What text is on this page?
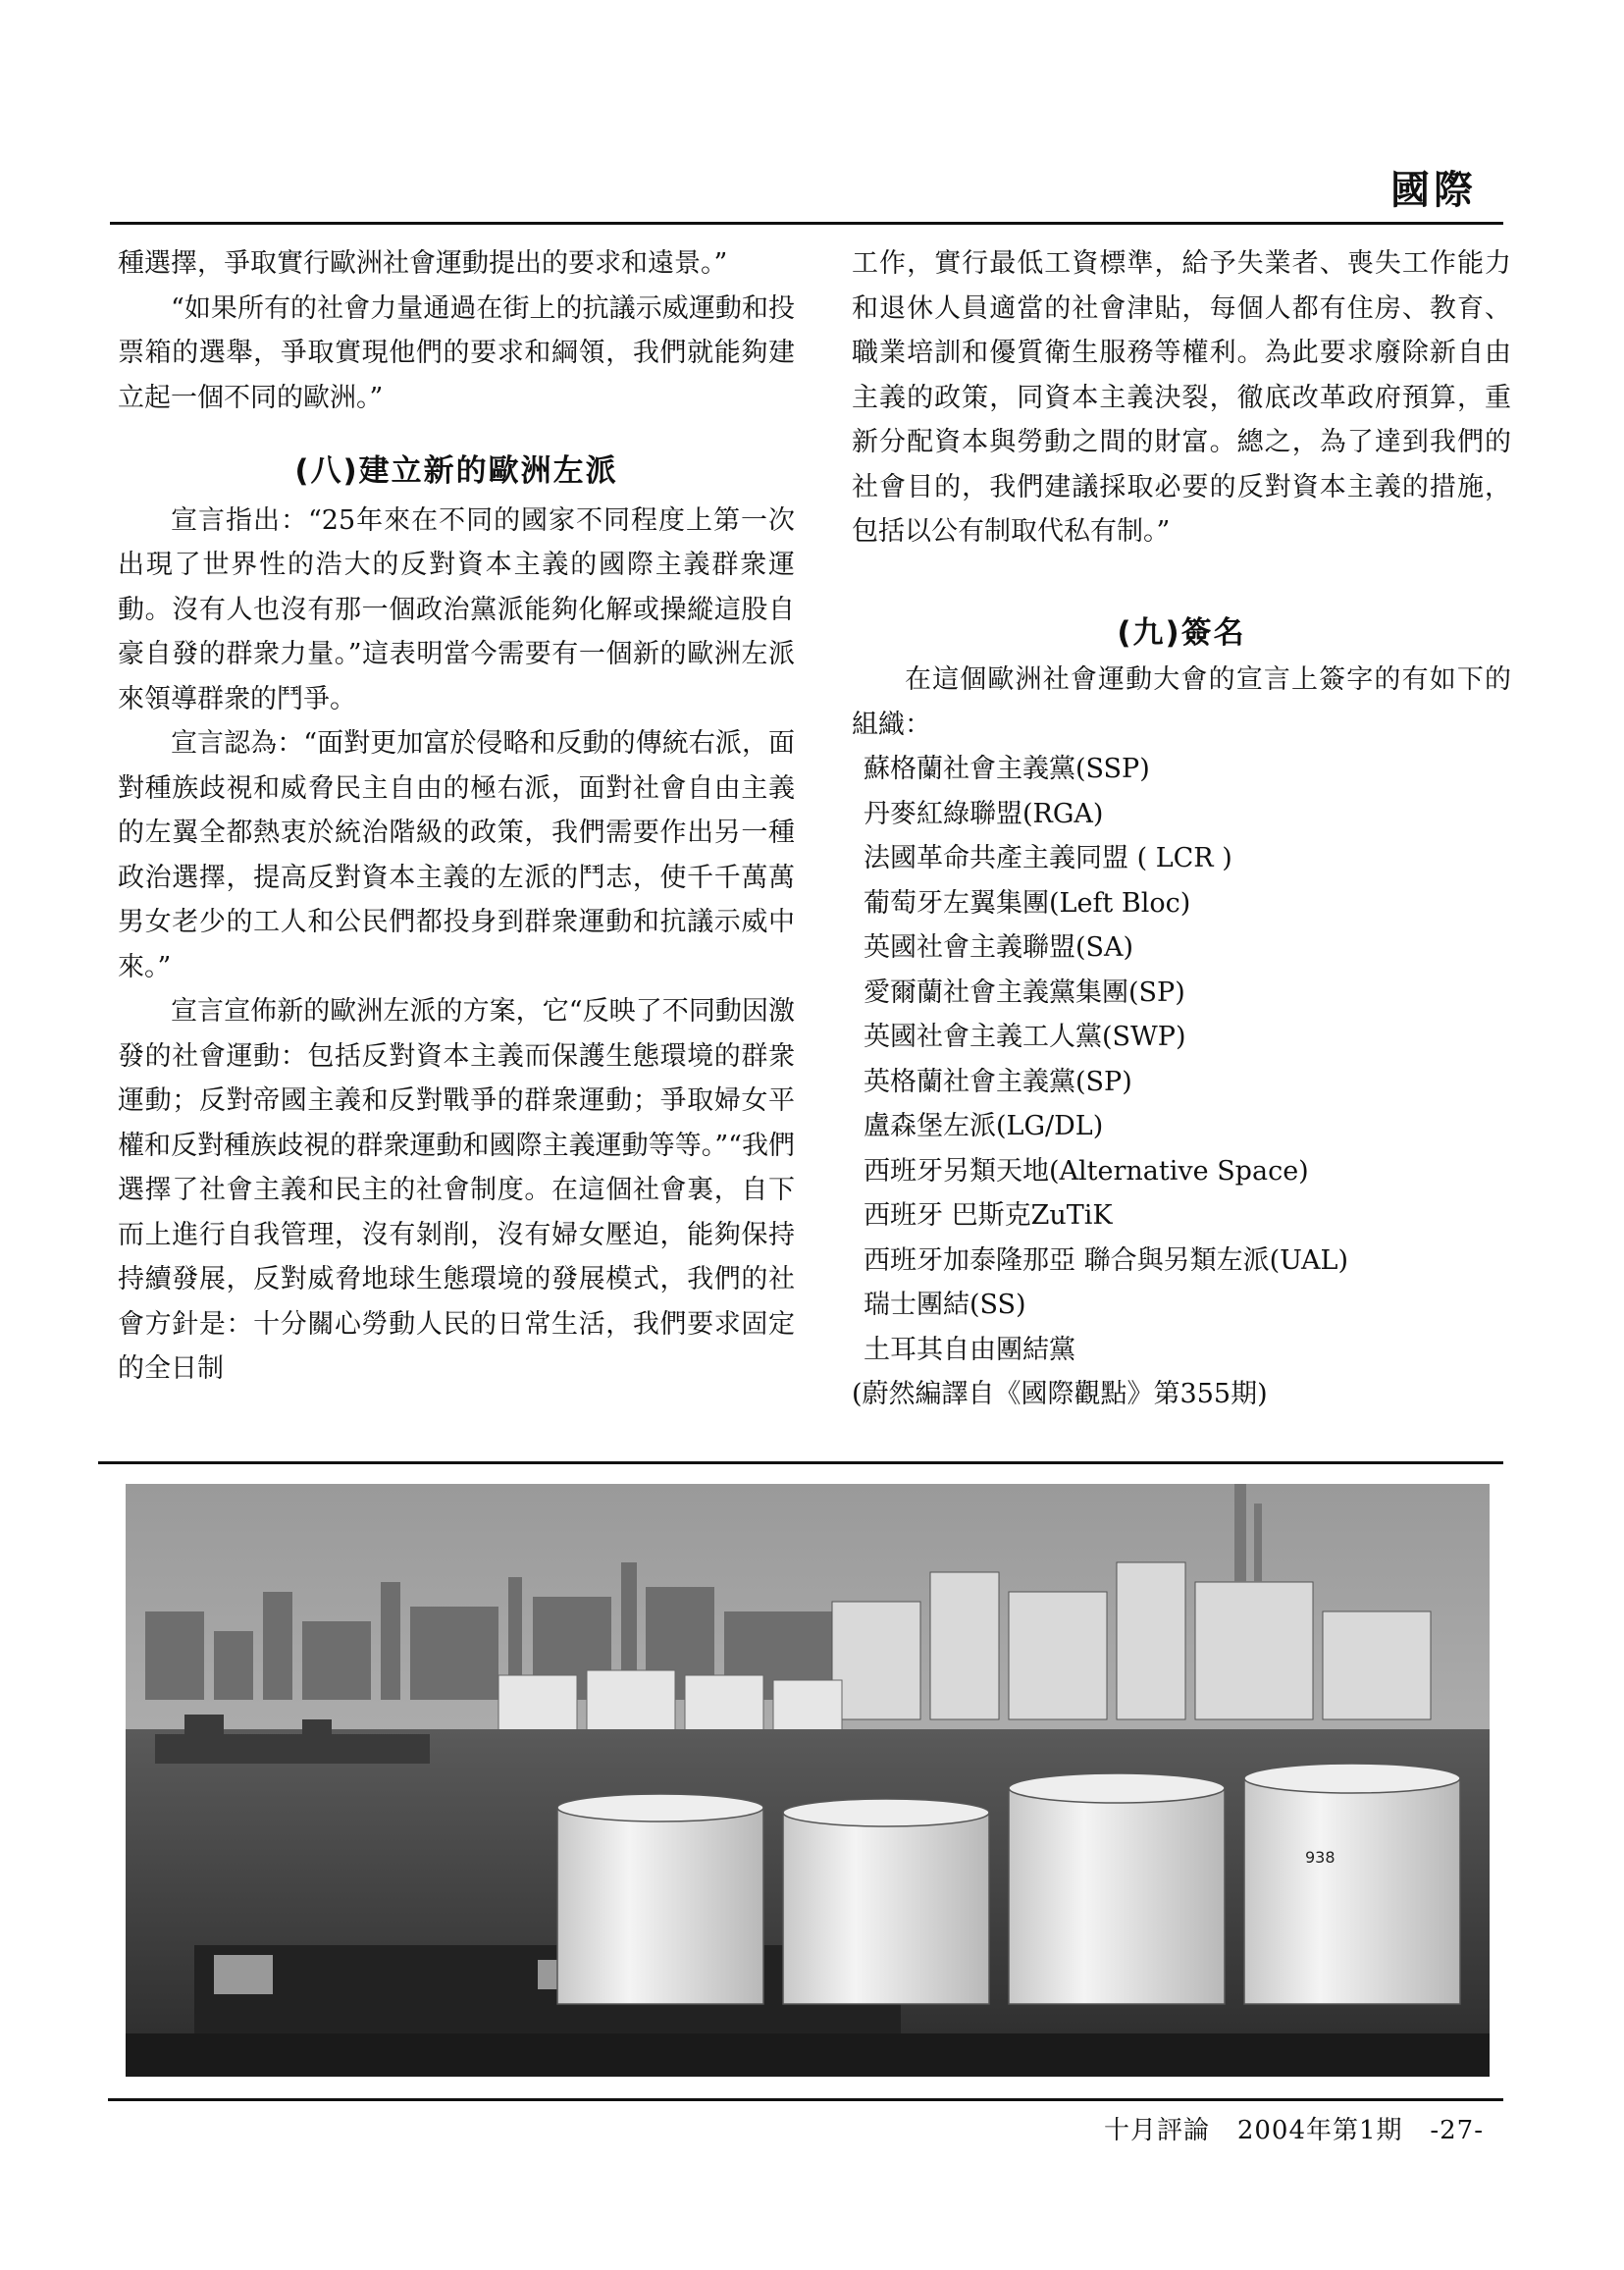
國際

種選擇，爭取實行歐洲社會運動提出的要求和遠景。”

“如果所有的社會力量通過在街上的抗議示威運動和投票箱的選舉，爭取實現他們的要求和綱領，我們就能夠建立起一個不同的歐洲。”

(八)建立新的歐洲左派

宣言指出：“25年來在不同的國家不同程度上第一次出現了世界性的浩大的反對資本主義的國際主義群衆運動。沒有人也沒有那一個政治黨派能夠化解或操縱這股自豪自發的群衆力量。”這表明當今需要有一個新的歐洲左派來領導群衆的鬥爭。

宣言認為：“面對更加富於侵略和反動的傳統右派，面對種族歧視和威脅民主自由的極右派，面對社會自由主義的左翼全都熱衷於統治階級的政策，我們需要作出另一種政治選擇，提高反對資本主義的左派的鬥志，使千千萬萬男女老少的工人和公民們都投身到群衆運動和抗議示威中來。”

宣言宣佈新的歐洲左派的方案，它“反映了不同動因激發的社會運動：包括反對資本主義而保護生態環境的群衆運動；反對帝國主義和反對戰爭的群衆運動；爭取婦女平權和反對種族歧視的群衆運動和國際主義運動等等。”“我們選擇了社會主義和民主的社會制度。在這個社會裏，自下而上進行自我管理，沒有剝削，沒有婦女壓迫，能夠保持持續發展，反對威脅地球生態環境的發展模式，我們的社會方針是：十分關心勞動人民的日常生活，我們要求固定的全日制

工作，實行最低工資標準，給予失業者、喪失工作能力和退休人員適當的社會津貼，每個人都有住房、教育、職業培訓和優質衛生服務等權利。為此要求廢除新自由主義的政策，同資本主義決裂，徹底改革政府預算，重新分配資本與勞動之間的財富。總之，為了達到我們的社會目的，我們建議採取必要的反對資本主義的措施，包括以公有制取代私有制。”

(九)簽名

在這個歐洲社會運動大會的宣言上簽字的有如下的組織：

蘇格蘭社會主義黨(SSP)
丹麥紅綠聯盟(RGA)
法國革命共產主義同盟 ( LCR )
葡萄牙左翼集團(Left Bloc)
英國社會主義聯盟(SA)
愛爾蘭社會主義黨集團(SP)
英國社會主義工人黨(SWP)
英格蘭社會主義黨(SP)
盧森堡左派(LG/DL)
西班牙另類天地(Alternative Space)
西班牙 巴斯克ZuTiK
西班牙加泰隆那亞 聯合與另類左派(UAL)
瑞士團結(SS)
土耳其自由團結黨

(蔚然編譯自《國際觀點》第355期)

938
十月評論 2004年第1期 -27-
